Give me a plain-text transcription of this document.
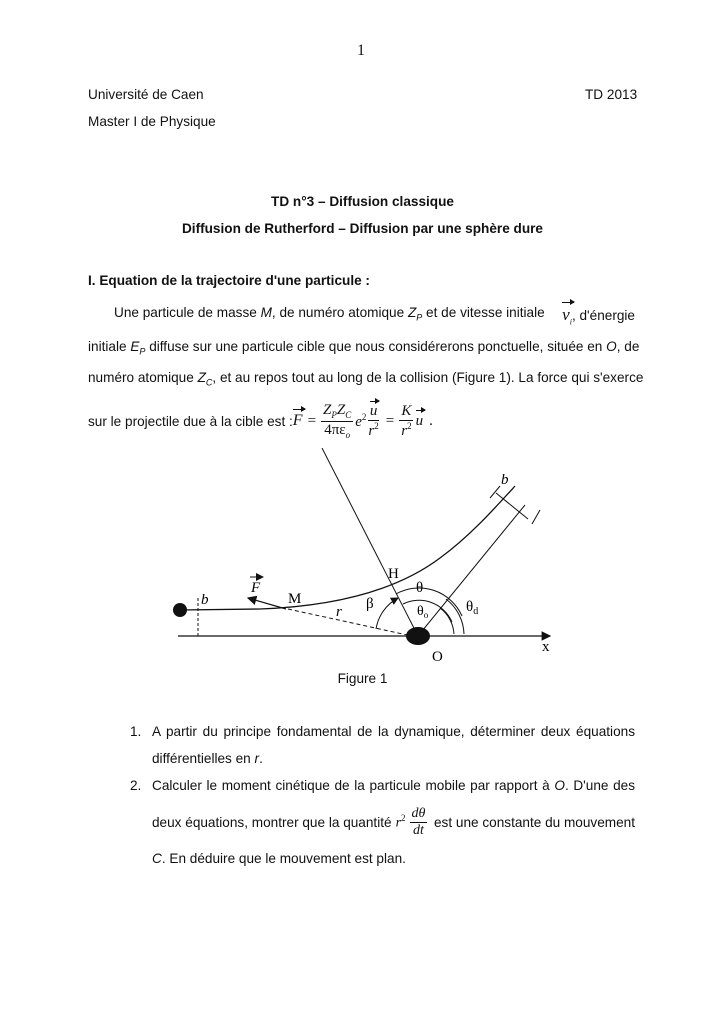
1
Université de Caen	TD 2013
Master I de Physique
TD n°3 – Diffusion classique
Diffusion de Rutherford – Diffusion par une sphère dure
I. Equation de la trajectoire d'une particule :
Une particule de masse M, de numéro atomique $Z_P$ et de vitesse initiale $v_i$, d'énergie
initiale $E_P$ diffuse sur une particule cible que nous considérerons ponctuelle, située en O, de
numéro atomique $Z_C$, et au repos tout au long de la collision (Figure 1). La force qui s'exerce
sur le projectile due à la cible est : $F = \frac{Z_PZ_C}{4\pi\varepsilon_o} e^2 \frac{u}{r^2} = \frac{K}{r^2}$ u .
b
b
F
M
H
r β
θ
$\theta_o$	$\theta_d$
O
x
Figure 1
1. A partir du principe fondamental de la dynamique, déterminer deux équations
différentielles en r.
2. Calculer le moment cinétique de la particule mobile par rapport à O. D'une des
deux équations, montrer que la quantité $r^2 \frac{d\theta}{dt}$ est une constante du mouvement
C. En déduire que le mouvement est plan.
